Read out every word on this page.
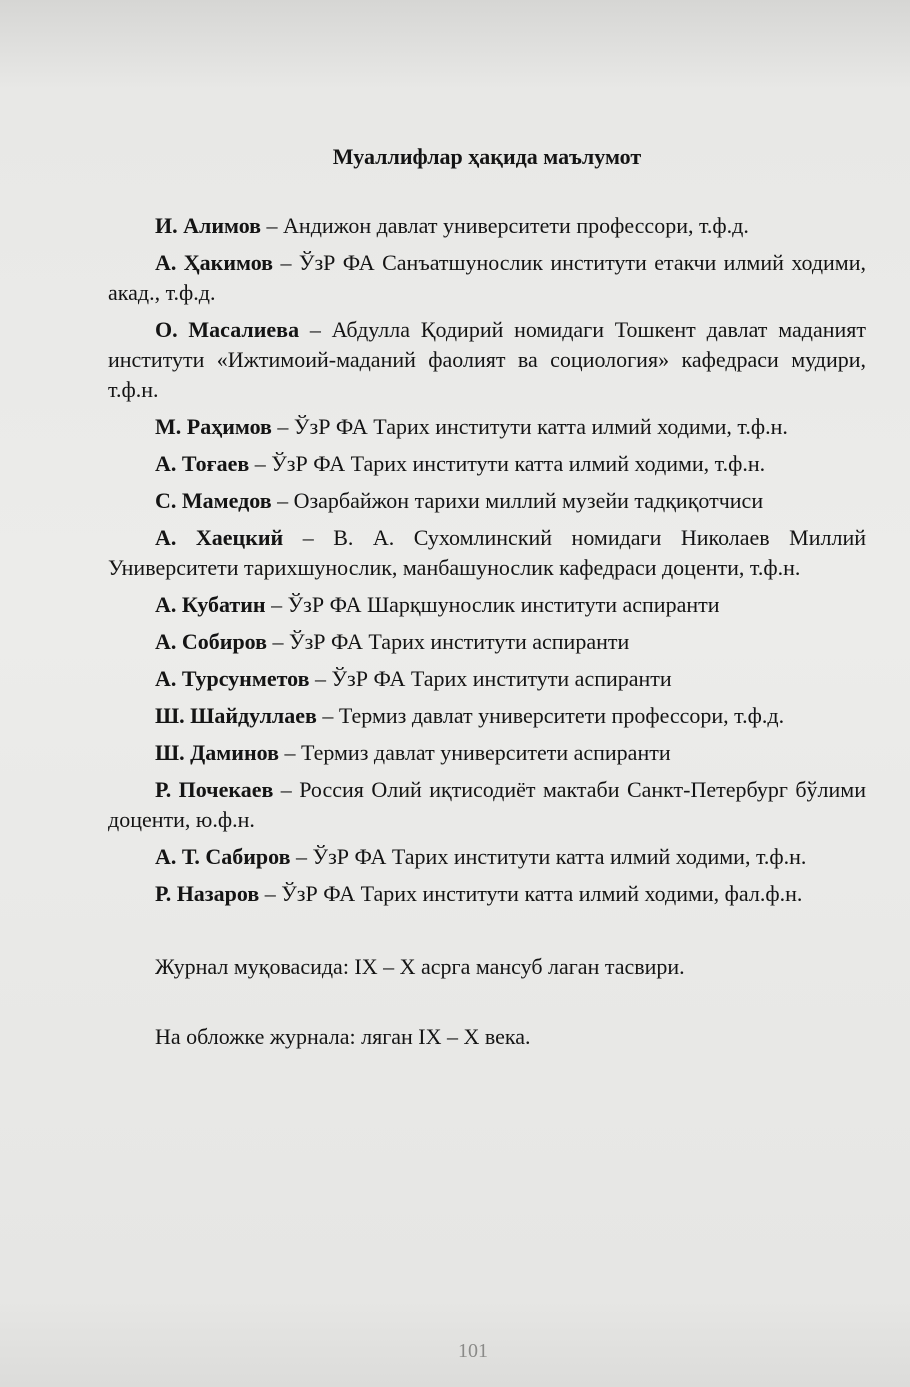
Муаллифлар ҳақида маълумот

И. Алимов – Андижон давлат университети профессори, т.ф.д.

А. Ҳакимов – ЎзР ФА Санъатшунослик институти етакчи илмий ходими, акад., т.ф.д.

О. Масалиева – Абдулла Қодирий номидаги Тошкент давлат маданият институти «Ижтимоий-маданий фаолият ва социология» кафедраси мудири, т.ф.н.

М. Раҳимов – ЎзР ФА Тарих институти катта илмий ходими, т.ф.н.

А. Тоғаев – ЎзР ФА Тарих институти катта илмий ходими, т.ф.н.

С. Мамедов – Озарбайжон тарихи миллий музейи тадқиқотчиси

А. Хаецкий – В. А. Сухомлинский номидаги Николаев Миллий Университети тарихшунослик, манбашунослик кафедраси доценти, т.ф.н.

А. Кубатин – ЎзР ФА Шарқшунослик институти аспиранти

А. Собиров – ЎзР ФА Тарих институти аспиранти

А. Турсунметов – ЎзР ФА Тарих институти аспиранти

Ш. Шайдуллаев – Термиз давлат университети профессори, т.ф.д.

Ш. Даминов – Термиз давлат университети аспиранти

Р. Почекаев – Россия Олий иқтисодиёт мактаби Санкт-Петербург бўлими доценти, ю.ф.н.

А. Т. Сабиров – ЎзР ФА Тарих институти катта илмий ходими, т.ф.н.

Р. Назаров – ЎзР ФА Тарих институти катта илмий ходими, фал.ф.н.

Журнал муқовасида: IX – X асрга мансуб лаган тасвири.

На обложке журнала: ляган IX – X века.

101
